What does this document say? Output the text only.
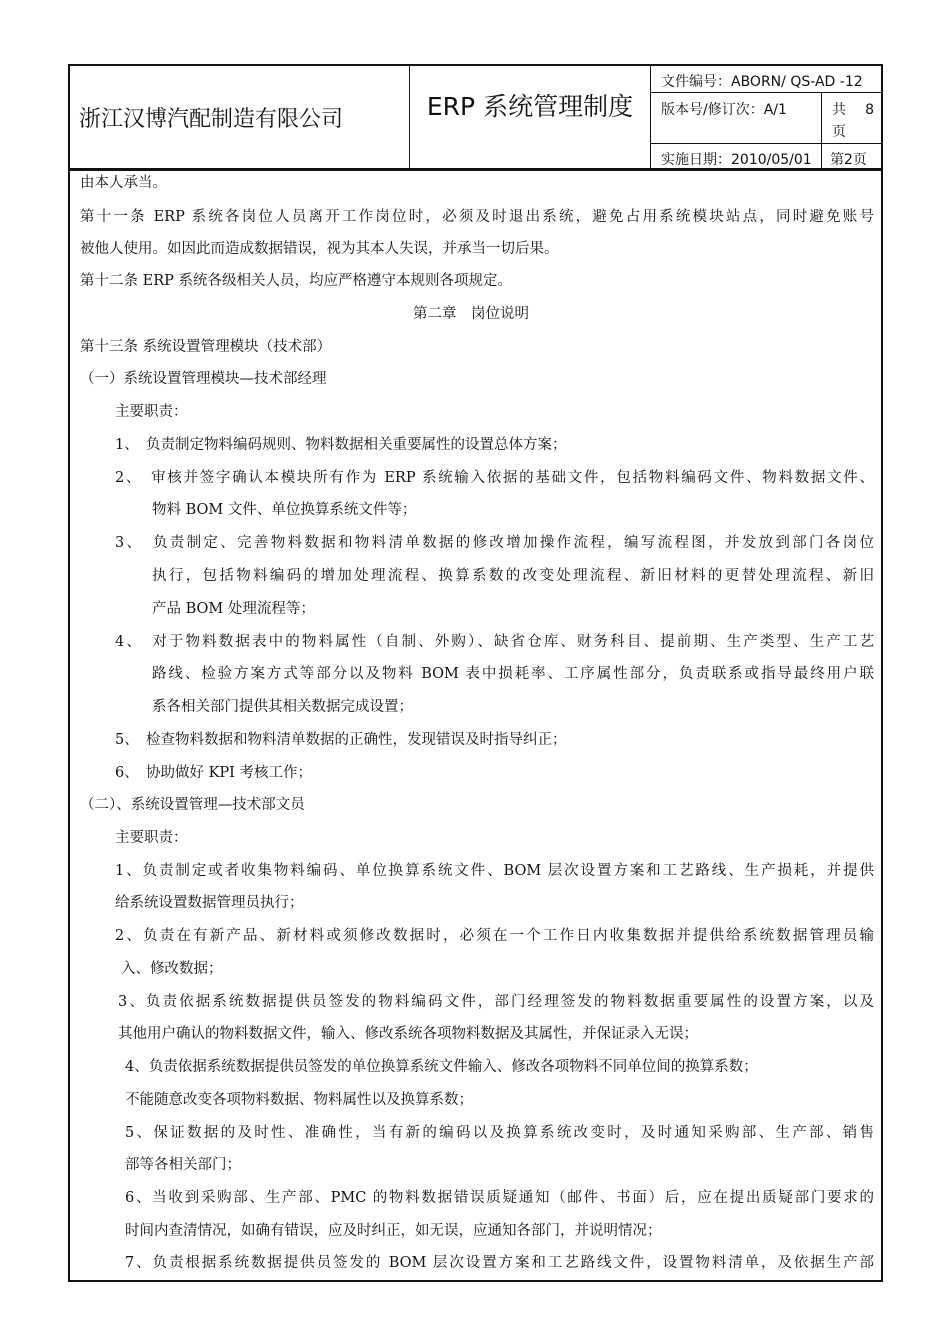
浙江汉博汽配制造有限公司	ERP 系统管理制度
文件编号：ABORN/ QS-AD -12
版本号/修订次：A/1	共 8
页
实施日期：2010/05/01	第2页
由本人承当。
第十一条 ERP 系统各岗位人员离开工作岗位时，必须及时退出系统，避免占用系统模块站点，同时避免账号
被他人使用。如因此而造成数据错误，视为其本人失误，并承当一切后果。
第十二条 ERP 系统各级相关人员，均应严格遵守本规则各项规定。
第二章　岗位说明
第十三条 系统设置管理模块（技术部）
（一）系统设置管理模块—技术部经理
主要职责：
1、　负责制定物料编码规则、物料数据相关重要属性的设置总体方案；
2、　审核并签字确认本模块所有作为 ERP 系统输入依据的基础文件，包括物料编码文件、物料数据文件、
物料 BOM 文件、单位换算系统文件等；
3、　负责制定、完善物料数据和物料清单数据的修改增加操作流程，编写流程图，并发放到部门各岗位
执行，包括物料编码的增加处理流程、换算系数的改变处理流程、新旧材料的更替处理流程、新旧
产品 BOM 处理流程等；
4、　对于物料数据表中的物料属性（自制、外购）、缺省仓库、财务科目、提前期、生产类型、生产工艺
路线、检验方案方式等部分以及物料 BOM 表中损耗率、工序属性部分，负责联系或指导最终用户联
系各相关部门提供其相关数据完成设置；
5、　检查物料数据和物料清单数据的正确性，发现错误及时指导纠正；
6、　协助做好 KPI 考核工作；
（二）、系统设置管理—技术部文员
主要职责：
1、负责制定或者收集物料编码、单位换算系统文件、BOM 层次设置方案和工艺路线、生产损耗，并提供
给系统设置数据管理员执行；
2、负责在有新产品、新材料或须修改数据时，必须在一个工作日内收集数据并提供给系统数据管理员输
入、修改数据；
3、负责依据系统数据提供员签发的物料编码文件，部门经理签发的物料数据重要属性的设置方案，以及
其他用户确认的物料数据文件，输入、修改系统各项物料数据及其属性，并保证录入无误；
4、负责依据系统数据提供员签发的单位换算系统文件输入、修改各项物料不同单位间的换算系数；
不能随意改变各项物料数据、物料属性以及换算系数；
5、保证数据的及时性、准确性，当有新的编码以及换算系统改变时，及时通知采购部、生产部、销售
部等各相关部门；
6、当收到采购部、生产部、PMC 的物料数据错误质疑通知（邮件、书面）后，应在提出质疑部门要求的
时间内查清情况，如确有错误，应及时纠正，如无误，应通知各部门，并说明情况；
7、负责根据系统数据提供员签发的 BOM 层次设置方案和工艺路线文件，设置物料清单，及依据生产部
